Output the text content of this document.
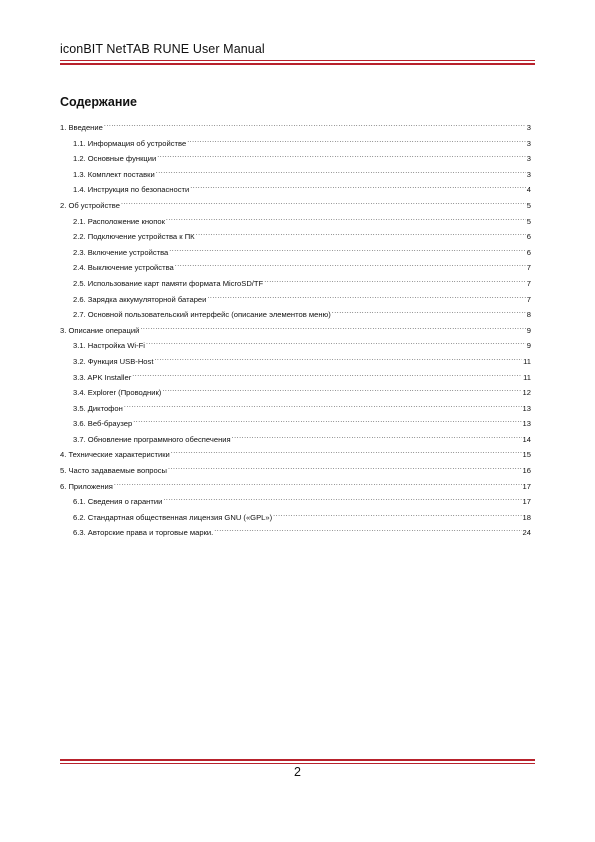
iconBIT NetTAB RUNE User Manual
Содержание
1. Введение .....	3
1.1. Информация об устройстве .....	3
1.2. Основные функции .....	3
1.3. Комплект поставки .....	3
1.4. Инструкция по безопасности .....	4
2. Об устройстве .....	5
2.1. Расположение кнопок .....	5
2.2. Подключение устройства к ПК .....	6
2.3. Включение устройства .....	6
2.4. Выключение устройства .....	7
2.5. Использование карт памяти формата MicroSD/TF .....	7
2.6. Зарядка аккумуляторной батареи .....	7
2.7. Основной пользовательский интерфейс (описание элементов меню) .....	8
3. Описание операций .....	9
3.1. Настройка Wi-Fi .....	9
3.2. Функция USB-Host .....	11
3.3. APK Installer .....	11
3.4. Explorer (Проводник) .....	12
3.5. Диктофон .....	13
3.6. Веб-браузер .....	13
3.7. Обновление программного обеспечения .....	14
4. Технические характеристики .....	15
5. Часто задаваемые вопросы .....	16
6. Приложения .....	17
6.1. Сведения о гарантии .....	17
6.2. Стандартная общественная лицензия GNU («GPL») .....	18
6.3. Авторские права и торговые марки. .....	24
2
